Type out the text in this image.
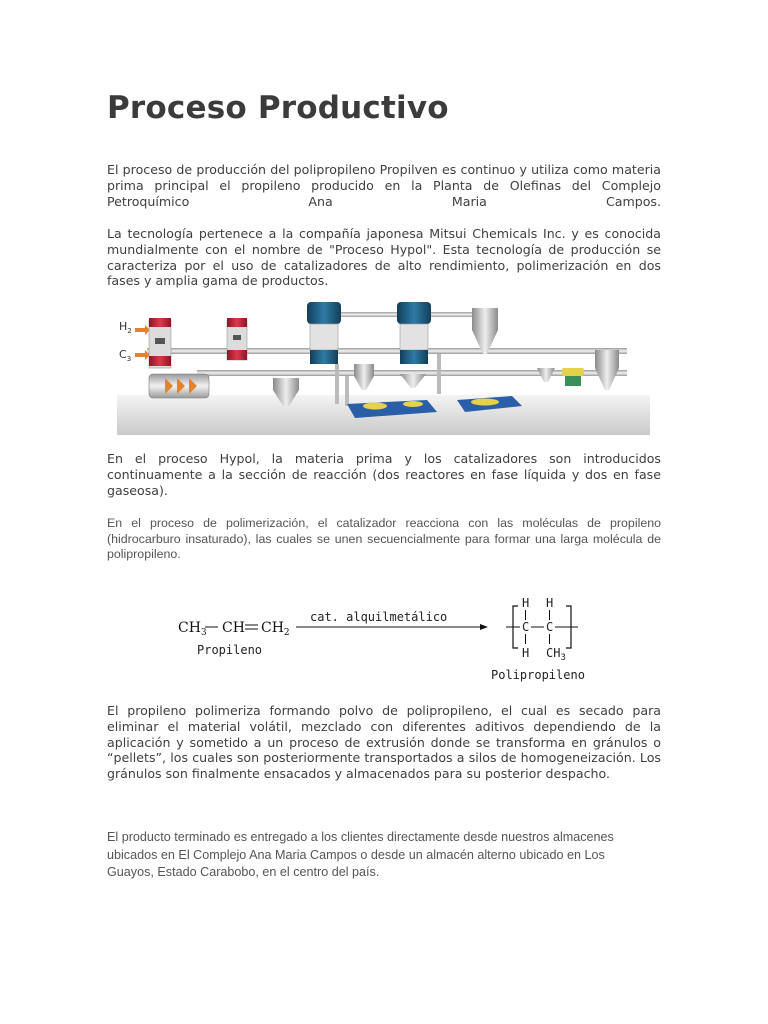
Proceso Productivo

El proceso de producción del polipropileno Propilven es continuo y utiliza como materia prima principal el propileno producido en la Planta de Olefinas del Complejo Petroquímico Ana Maria Campos.

La tecnología pertenece a la compañía japonesa Mitsui Chemicals Inc. y es conocida mundialmente con el nombre de "Proceso Hypol". Esta tecnología de producción se caracteriza por el uso de catalizadores de alto rendimiento, polimerización en dos fases y amplia gama de productos.

$H_2$
$C_3$

En el proceso Hypol, la materia prima y los catalizadores son introducidos continuamente a la sección de reacción (dos reactores en fase líquida y dos en fase gaseosa).

En el proceso de polimerización, el catalizador reacciona con las moléculas de propileno (hidrocarburo insaturado), las cuales se unen secuencialmente para formar una larga molécula de polipropileno.

$CH_3$ CH $CH_2$
Propileno
cat. alquilmetálico
H H
C C
H $CH_3$
Polipropileno

El propileno polimeriza formando polvo de polipropileno, el cual es secado para eliminar el material volátil, mezclado con diferentes aditivos dependiendo de la aplicación y sometido a un proceso de extrusión donde se transforma en gránulos o “pellets”, los cuales son posteriormente transportados a silos de homogeneización. Los gránulos son finalmente ensacados y almacenados para su posterior despacho.

El producto terminado es entregado a los clientes directamente desde nuestros almacenes ubicados en El Complejo Ana Maria Campos o desde un almacén alterno ubicado en Los Guayos, Estado Carabobo, en el centro del país.
